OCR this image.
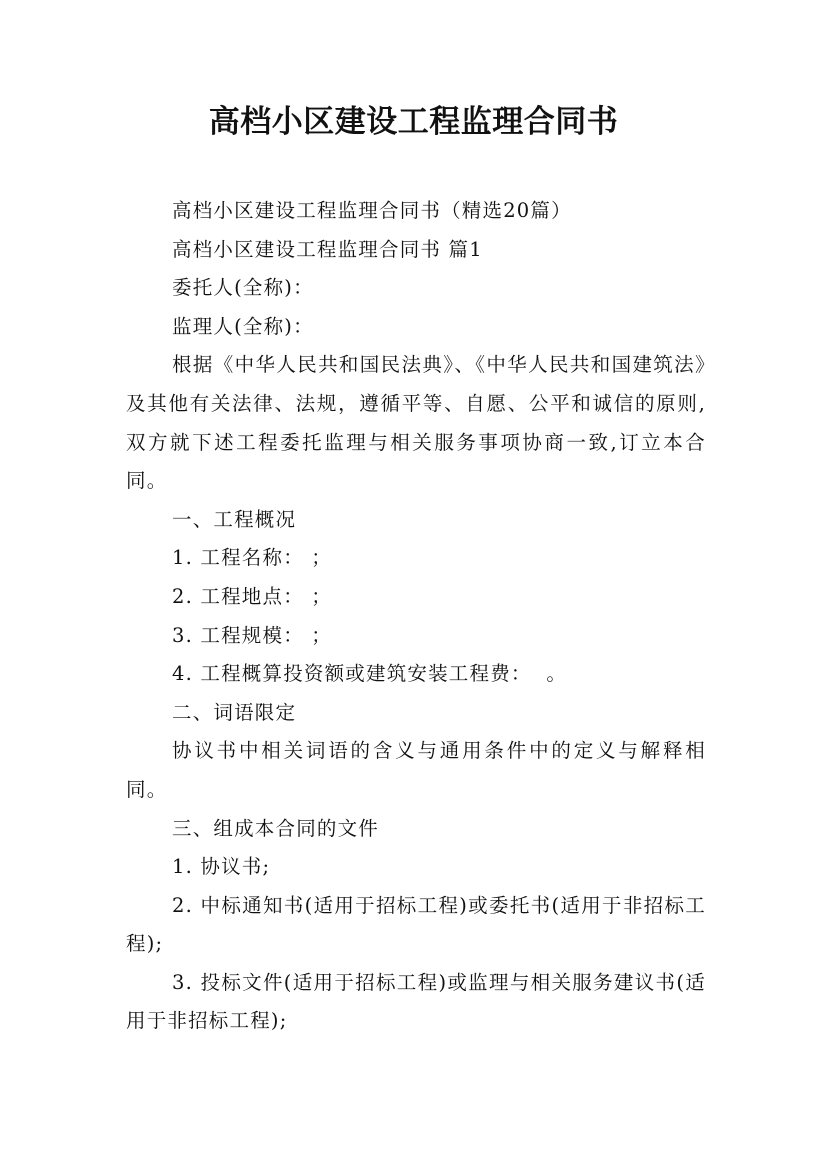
高档小区建设工程监理合同书

高档小区建设工程监理合同书（精选20篇）

高档小区建设工程监理合同书 篇1

委托人(全称)：

监理人(全称)：

根据《中华人民共和国民法典》、《中华人民共和国建筑法》及其他有关法律、法规，遵循平等、自愿、公平和诚信的原则,双方就下述工程委托监理与相关服务事项协商一致,订立本合同。

一、工程概况

1. 工程名称： ；

2. 工程地点： ；

3. 工程规模： ；

4. 工程概算投资额或建筑安装工程费：  。

二、词语限定

协议书中相关词语的含义与通用条件中的定义与解释相同。

三、组成本合同的文件

1. 协议书;

2. 中标通知书(适用于招标工程)或委托书(适用于非招标工程);

3. 投标文件(适用于招标工程)或监理与相关服务建议书(适用于非招标工程);
